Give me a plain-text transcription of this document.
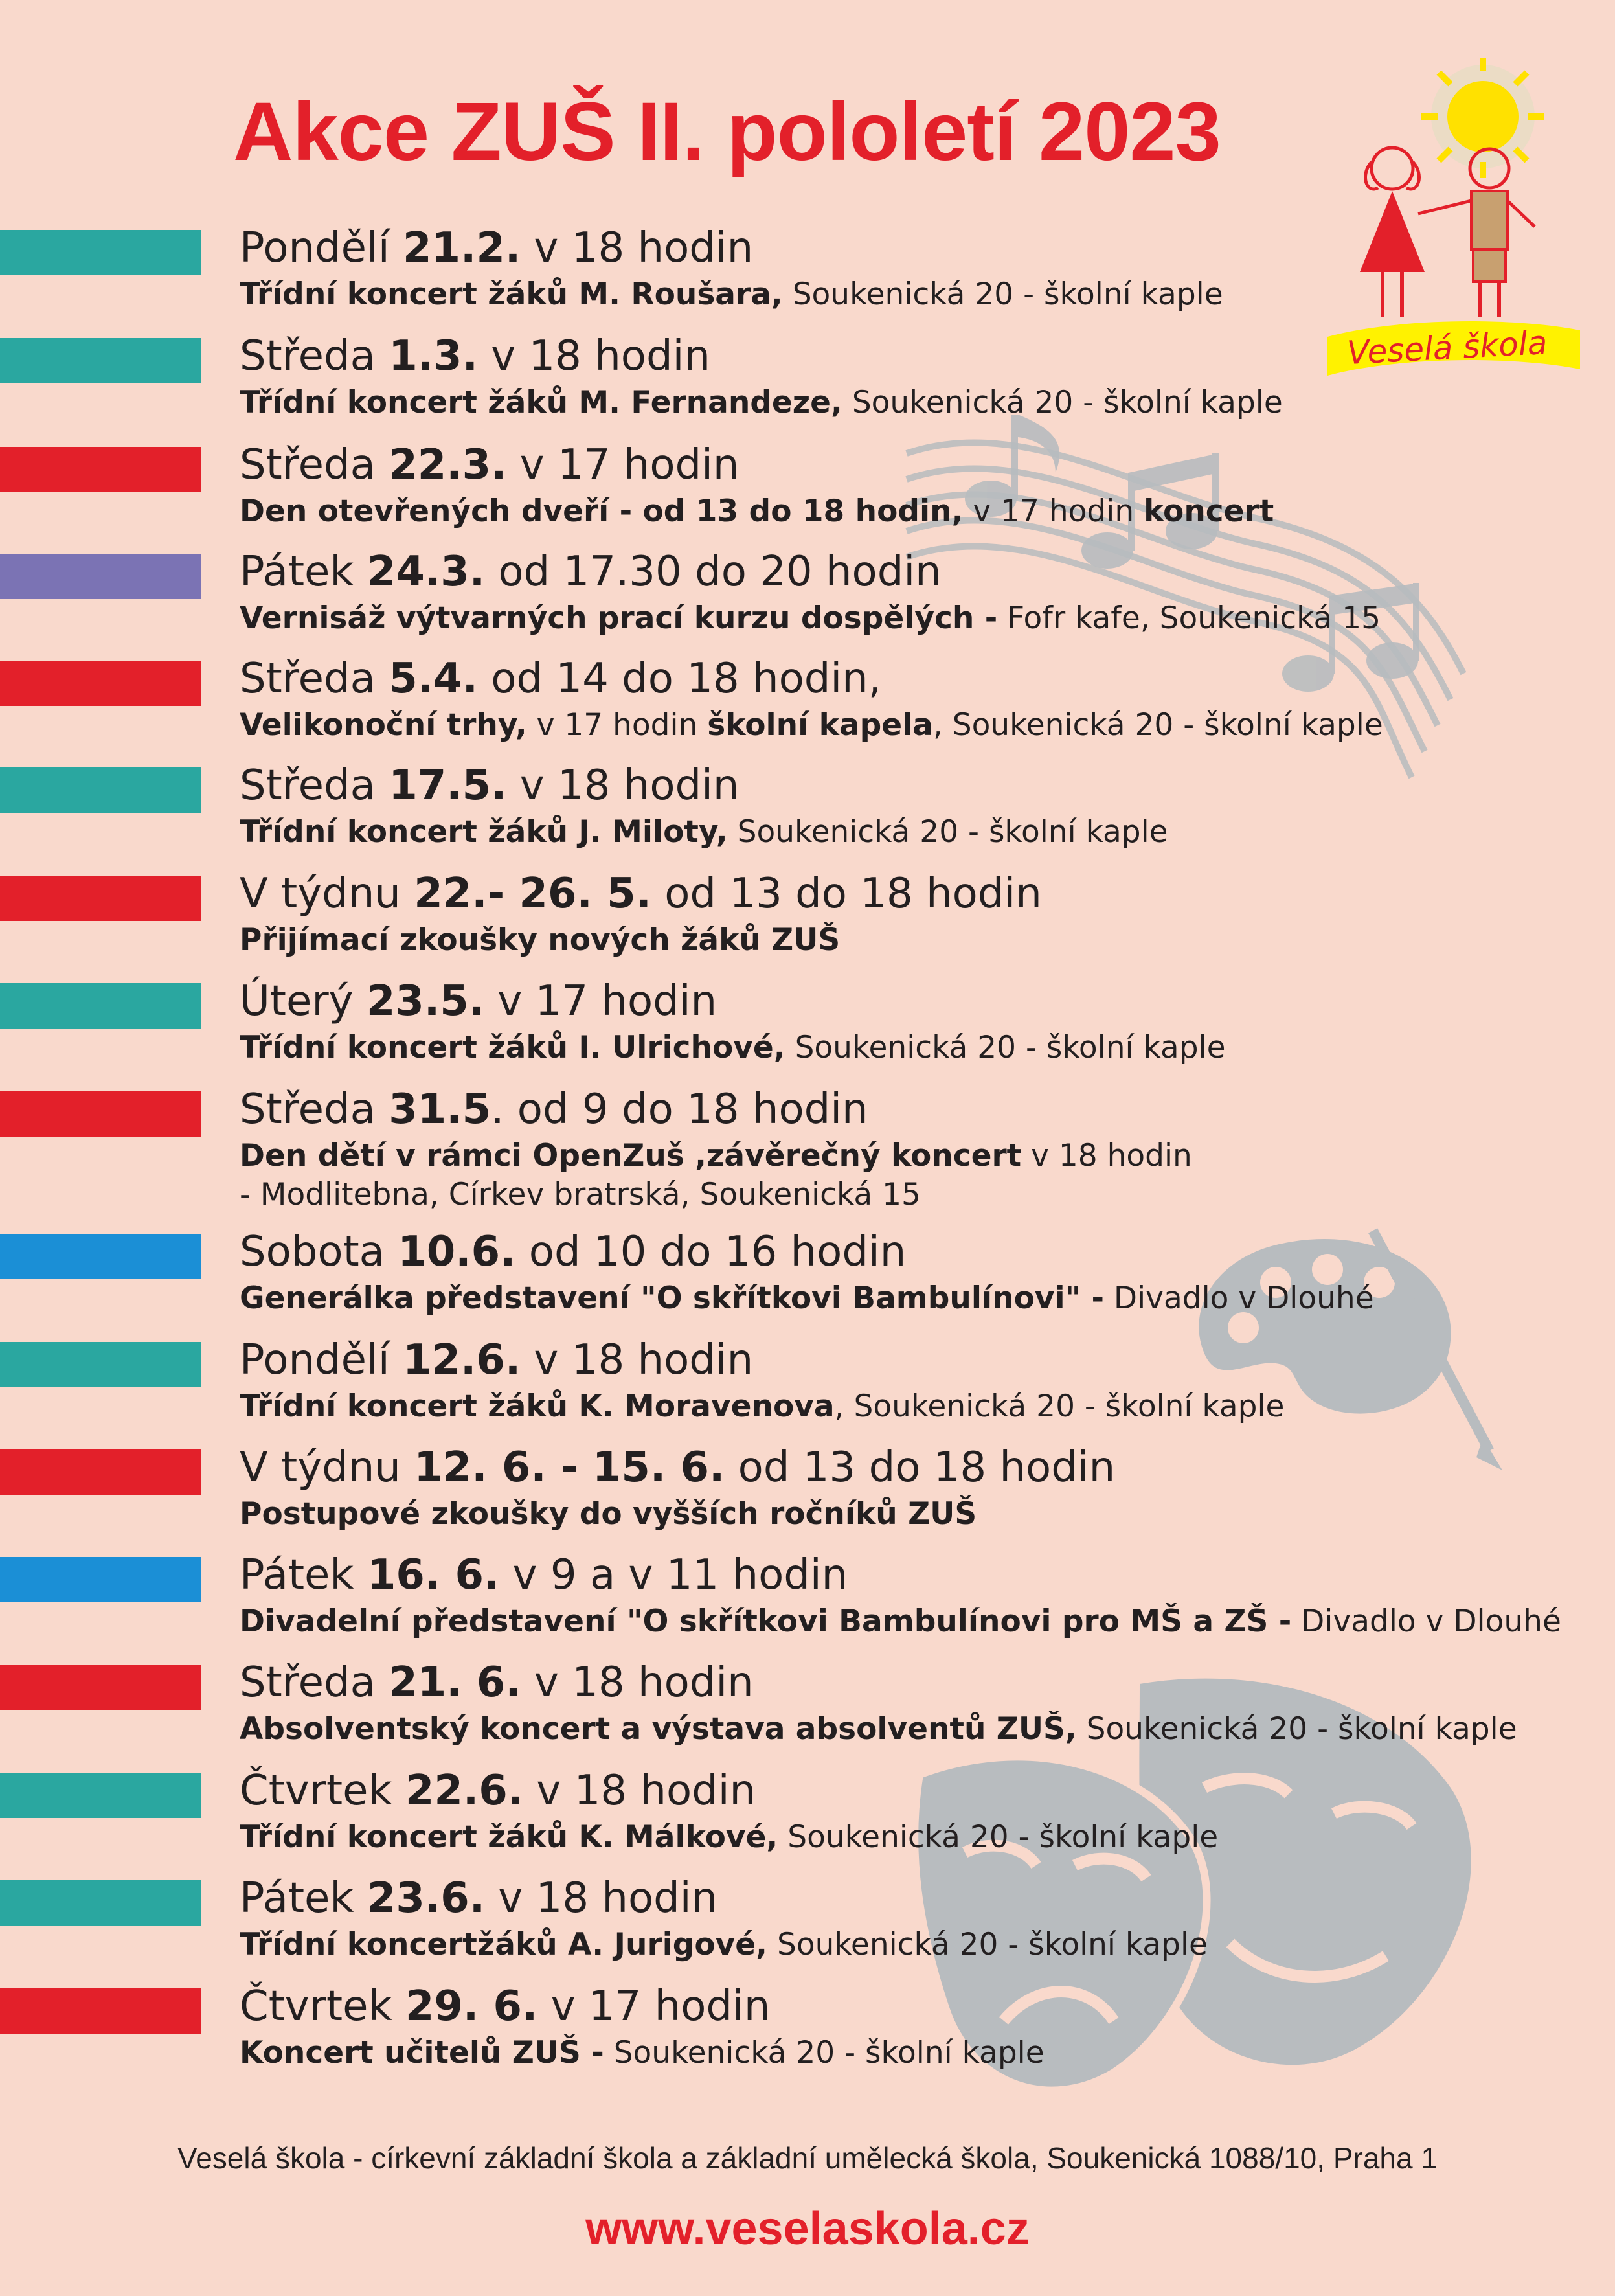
Veselá škola
Akce ZUŠ II. pololetí 2023
Pondělí 21.2. v 18 hodin
Třídní koncert žáků M. Roušara, Soukenická 20 - školní kaple
Středa 1.3. v 18 hodin
Třídní koncert žáků M. Fernandeze, Soukenická 20 - školní kaple
Středa 22.3. v 17 hodin
Den otevřených dveří - od 13 do 18 hodin, v 17 hodin koncert
Pátek 24.3. od 17.30 do 20 hodin
Vernisáž výtvarných prací kurzu dospělých - Fofr kafe, Soukenická 15
Středa 5.4. od 14 do 18 hodin,
Velikonoční trhy, v 17 hodin školní kapela, Soukenická 20 - školní kaple
Středa 17.5. v 18 hodin
Třídní koncert žáků J. Miloty, Soukenická 20 - školní kaple
V týdnu 22.- 26. 5. od 13 do 18 hodin
Přijímací zkoušky nových žáků ZUŠ
Úterý 23.5. v 17 hodin
Třídní koncert žáků I. Ulrichové, Soukenická 20 - školní kaple
Středa 31.5. od 9 do 18 hodin
Den dětí v rámci OpenZuš ,závěrečný koncert v 18 hodin
- Modlitebna, Církev bratrská, Soukenická 15
Sobota 10.6. od 10 do 16 hodin
Generálka představení "O skřítkovi Bambulínovi" - Divadlo v Dlouhé
Pondělí 12.6. v 18 hodin
Třídní koncert žáků K. Moravenova, Soukenická 20 - školní kaple
V týdnu 12. 6. - 15. 6. od 13 do 18 hodin
Postupové zkoušky do vyšších ročníků ZUŠ
Pátek 16. 6. v 9 a v 11 hodin
Divadelní představení "O skřítkovi Bambulínovi pro MŠ a ZŠ - Divadlo v Dlouhé
Středa 21. 6. v 18 hodin
Absolventský koncert a výstava absolventů ZUŠ, Soukenická 20 - školní kaple
Čtvrtek 22.6. v 18 hodin
Třídní koncert žáků K. Málkové, Soukenická 20 - školní kaple
Pátek 23.6. v 18 hodin
Třídní koncertžáků A. Jurigové, Soukenická 20 - školní kaple
Čtvrtek 29. 6. v 17 hodin
Koncert učitelů ZUŠ - Soukenická 20 - školní kaple
Veselá škola - církevní základní škola a základní umělecká škola, Soukenická 1088/10, Praha 1
www.veselaskola.cz
